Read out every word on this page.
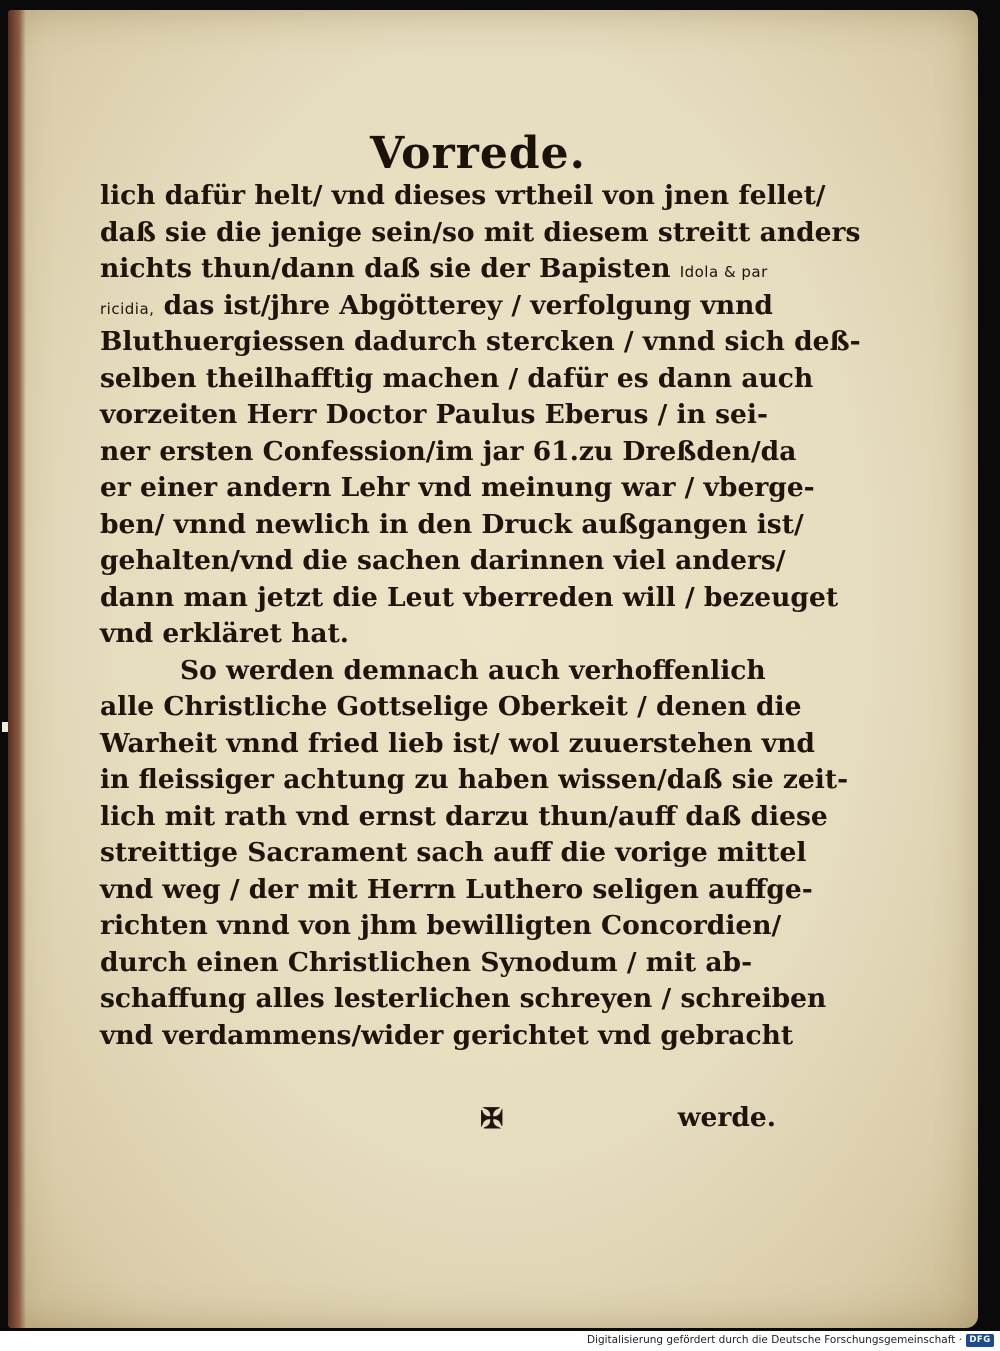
Vorrede.
lich dafür helt/ vnd dieses vrtheil von jnen fellet/
daß sie die jenige sein/so mit diesem streitt anders
nichts thun/dann daß sie der Bapisten Idola & par
ricidia, das ist/jhre Abgötterey / verfolgung vnnd
Bluthuergiessen dadurch stercken / vnnd sich deß-
selben theilhafftig machen / dafür es dann auch
vorzeiten Herr Doctor Paulus Eberus / in sei-
ner ersten Confession/im jar 61.zu Dreßden/da
er einer andern Lehr vnd meinung war / vberge-
ben/ vnnd newlich in den Druck außgangen ist/
gehalten/vnd die sachen darinnen viel anders/
dann man jetzt die Leut vberreden will / bezeuget
vnd erkläret hat.
So werden demnach auch verhoffenlich
alle Christliche Gottselige Oberkeit / denen die
Warheit vnnd fried lieb ist/ wol zuuerstehen vnd
in fleissiger achtung zu haben wissen/daß sie zeit-
lich mit rath vnd ernst darzu thun/auff daß diese
streittige Sacrament sach auff die vorige mittel
vnd weg / der mit Herrn Luthero seligen auffge-
richten vnnd von jhm bewilligten Concordien/
durch einen Christlichen Synodum / mit ab-
schaffung alles lesterlichen schreyen / schreiben
vnd verdammens/wider gerichtet vnd gebracht
✠	werde.
Digitalisierung gefördert durch die Deutsche Forschungsgemeinschaft · DFG
